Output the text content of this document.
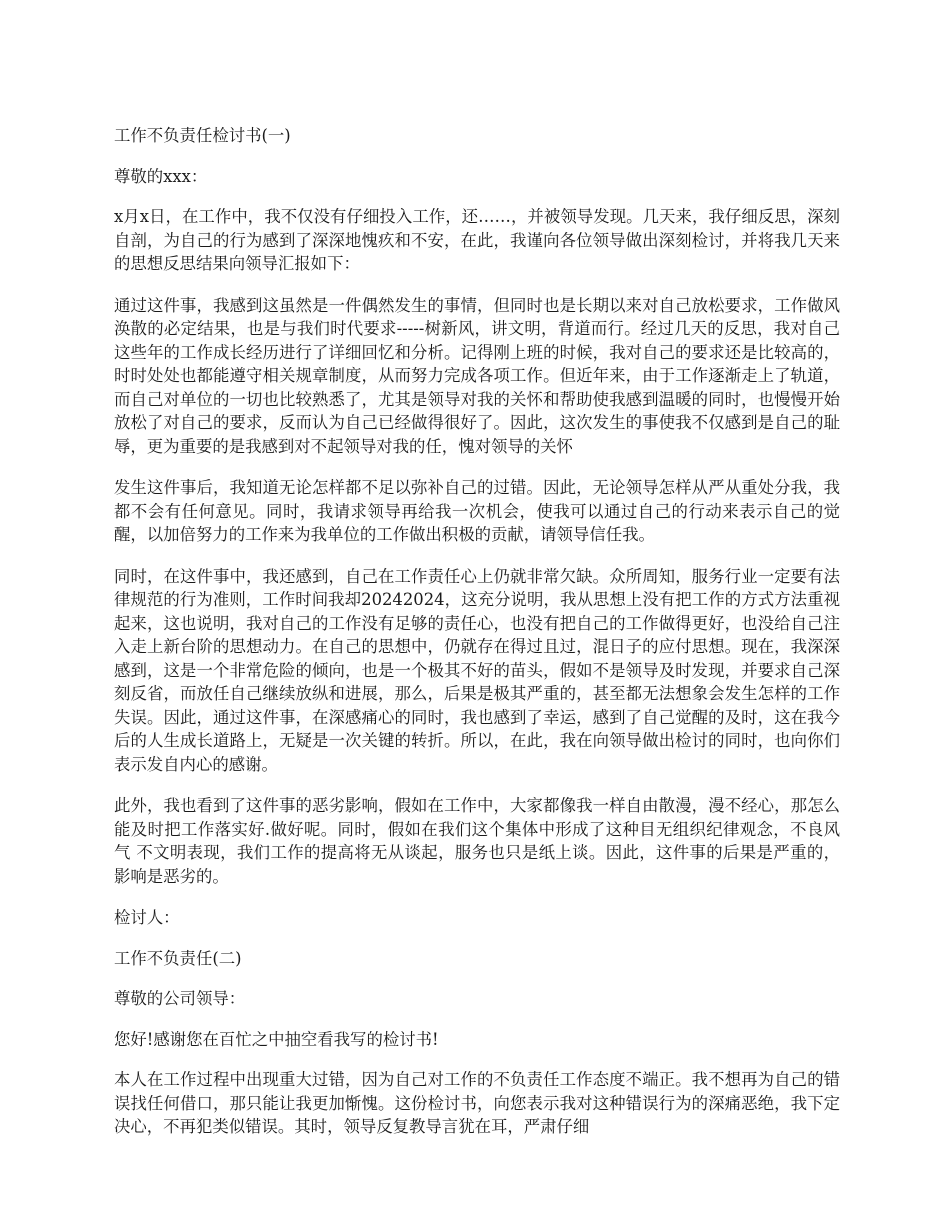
工作不负责任检讨书(一)

尊敬的xxx：

x月x日，在工作中，我不仅没有仔细投入工作，还……，并被领导发现。几天来，我仔细反思，深刻自剖，为自己的行为感到了深深地愧疚和不安，在此，我谨向各位领导做出深刻检讨，并将我几天来的思想反思结果向领导汇报如下：

通过这件事，我感到这虽然是一件偶然发生的事情，但同时也是长期以来对自己放松要求，工作做风涣散的必定结果，也是与我们时代要求-----树新风，讲文明，背道而行。经过几天的反思，我对自己这些年的工作成长经历进行了详细回忆和分析。记得刚上班的时候，我对自己的要求还是比较高的，时时处处也都能遵守相关规章制度，从而努力完成各项工作。但近年来，由于工作逐渐走上了轨道，而自己对单位的一切也比较熟悉了，尤其是领导对我的关怀和帮助使我感到温暖的同时，也慢慢开始放松了对自己的要求，反而认为自己已经做得很好了。因此，这次发生的事使我不仅感到是自己的耻辱，更为重要的是我感到对不起领导对我的任，愧对领导的关怀

发生这件事后，我知道无论怎样都不足以弥补自己的过错。因此，无论领导怎样从严从重处分我，我都不会有任何意见。同时，我请求领导再给我一次机会，使我可以通过自己的行动来表示自己的觉醒，以加倍努力的工作来为我单位的工作做出积极的贡献，请领导信任我。

同时，在这件事中，我还感到，自己在工作责任心上仍就非常欠缺。众所周知，服务行业一定要有法律规范的行为准则，工作时间我却20242024，这充分说明，我从思想上没有把工作的方式方法重视起来，这也说明，我对自己的工作没有足够的责任心，也没有把自己的工作做得更好，也没给自己注入走上新台阶的思想动力。在自己的思想中，仍就存在得过且过，混日子的应付思想。现在，我深深感到，这是一个非常危险的倾向，也是一个极其不好的苗头，假如不是领导及时发现，并要求自己深刻反省，而放任自己继续放纵和进展，那么，后果是极其严重的，甚至都无法想象会发生怎样的工作失误。因此，通过这件事，在深感痛心的同时，我也感到了幸运，感到了自己觉醒的及时，这在我今后的人生成长道路上，无疑是一次关键的转折。所以，在此，我在向领导做出检讨的同时，也向你们表示发自内心的感谢。

此外，我也看到了这件事的恶劣影响，假如在工作中，大家都像我一样自由散漫，漫不经心，那怎么能及时把工作落实好.做好呢。同时，假如在我们这个集体中形成了这种目无组织纪律观念，不良风气 不文明表现，我们工作的提高将无从谈起，服务也只是纸上谈。因此，这件事的后果是严重的，影响是恶劣的。

检讨人：

工作不负责任(二)

尊敬的公司领导：

您好!感谢您在百忙之中抽空看我写的检讨书!

本人在工作过程中出现重大过错，因为自己对工作的不负责任工作态度不端正。我不想再为自己的错误找任何借口，那只能让我更加惭愧。这份检讨书，向您表示我对这种错误行为的深痛恶绝，我下定决心，不再犯类似错误。其时，领导反复教导言犹在耳，严肃仔细
